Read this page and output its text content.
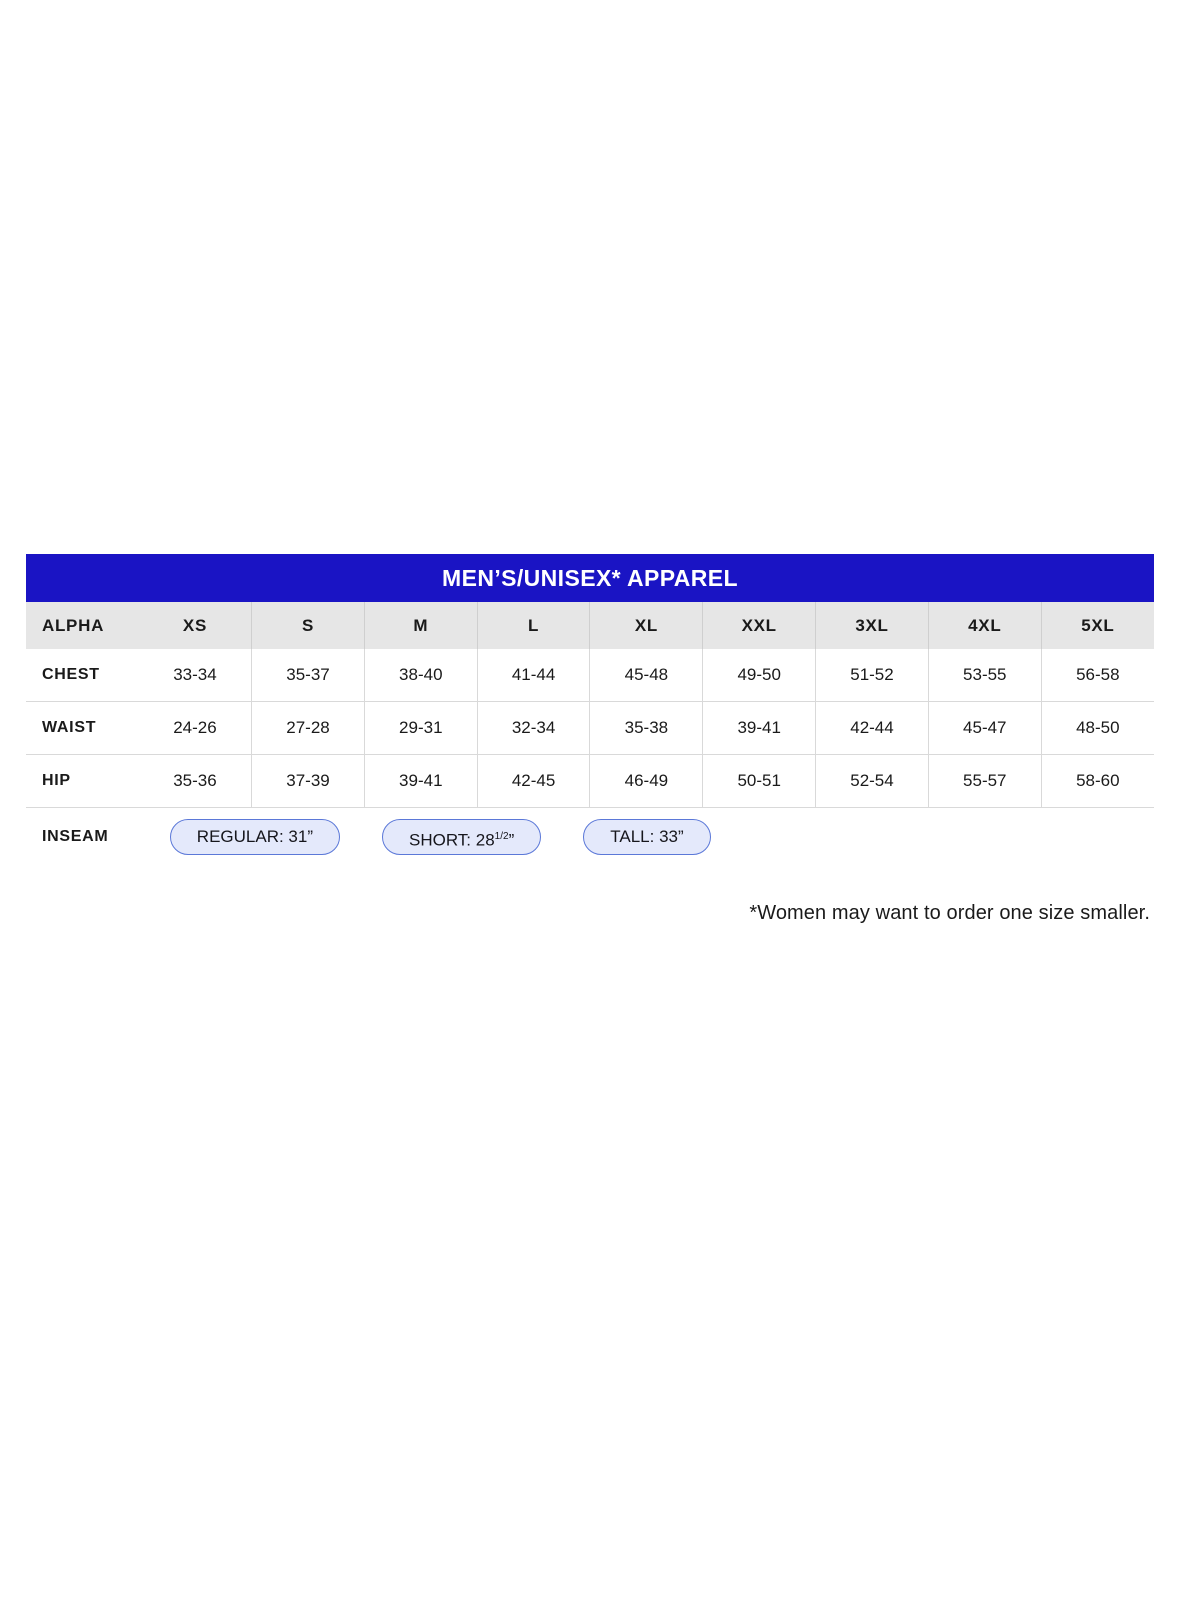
MEN’S/UNISEX* APPAREL
ALPHA	XS	S	M	L	XL	XXL	3XL	4XL	5XL
CHEST	33-34	35-37	38-40	41-44	45-48	49-50	51-52	53-55	56-58
WAIST	24-26	27-28	29-31	32-34	35-38	39-41	42-44	45-47	48-50
HIP	35-36	37-39	39-41	42-45	46-49	50-51	52-54	55-57	58-60
INSEAM	REGULAR: 31” SHORT: $28^{1/2}$” TALL: 33”								
*Women may want to order one size smaller.
